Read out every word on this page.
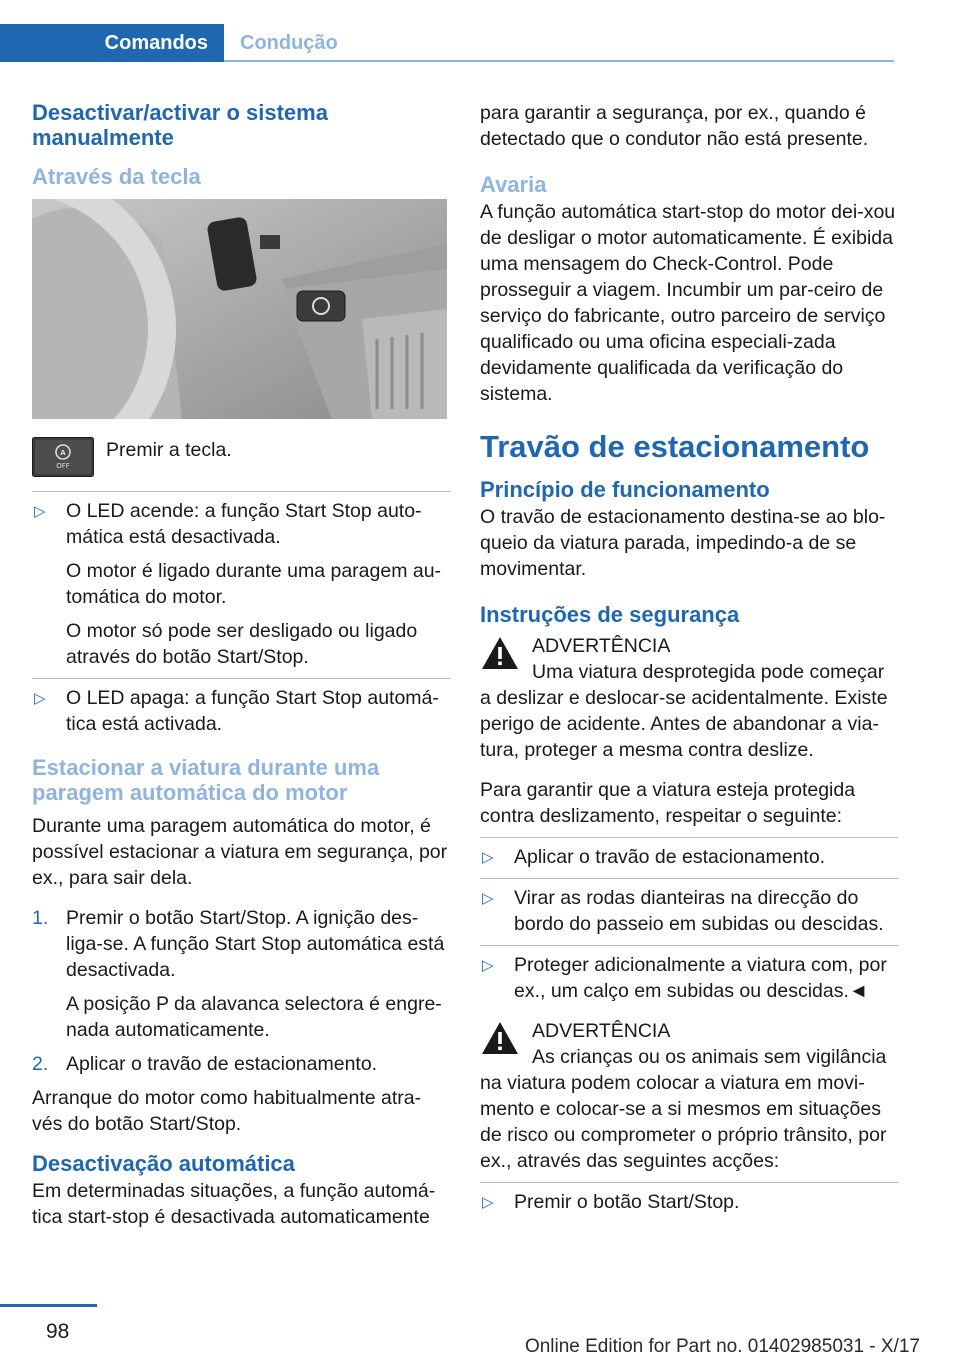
Comandos	Condução
Desactivar/activar o sistema manualmente
Através da tecla
A
OFF

Premir a tecla.

▷ O LED acende: a função Start Stop auto‐mática está desactivada.

O motor é ligado durante uma paragem au‐tomática do motor.

O motor só pode ser desligado ou ligado através do botão Start/Stop.

▷ O LED apaga: a função Start Stop automá‐tica está activada.

Estacionar a viatura durante uma paragem automática do motor

Durante uma paragem automática do motor, é possível estacionar a viatura em segurança, por ex., para sair dela.

1. Premir o botão Start/Stop. A ignição des‐liga-se. A função Start Stop automática está desactivada.

A posição P da alavanca selectora é engre‐nada automaticamente.

2. Aplicar o travão de estacionamento.

Arranque do motor como habitualmente atra‐vés do botão Start/Stop.

Desactivação automática

Em determinadas situações, a função automá‐tica start-stop é desactivada automaticamente

para garantir a segurança, por ex., quando é detectado que o condutor não está presente.

Avaria

A função automática start-stop do motor dei‐xou de desligar o motor automaticamente. É exibida uma mensagem do Check-Control. Pode prosseguir a viagem. Incumbir um par‐ceiro de serviço do fabricante, outro parceiro de serviço qualificado ou uma oficina especiali‐zada devidamente qualificada da verificação do sistema.

Travão de estacionamento
Princípio de funcionamento

O travão de estacionamento destina-se ao blo‐queio da viatura parada, impedindo-a de se movimentar.

Instruções de segurança

ADVERTÊNCIA

Uma viatura desprotegida pode começar

a deslizar e deslocar-se acidentalmente. Existe perigo de acidente. Antes de abandonar a via‐tura, proteger a mesma contra deslize.

Para garantir que a viatura esteja protegida contra deslizamento, respeitar o seguinte:

▷ Aplicar o travão de estacionamento.

▷ Virar as rodas dianteiras na direcção do bordo do passeio em subidas ou descidas.

▷ Proteger adicionalmente a viatura com, por ex., um calço em subidas ou descidas.◄

ADVERTÊNCIA

As crianças ou os animais sem vigilância

na viatura podem colocar a viatura em movi‐mento e colocar-se a si mesmos em situações de risco ou comprometer o próprio trânsito, por ex., através das seguintes acções:

▷ Premir o botão Start/Stop.

98
Online Edition for Part no. 01402985031 - X/17
